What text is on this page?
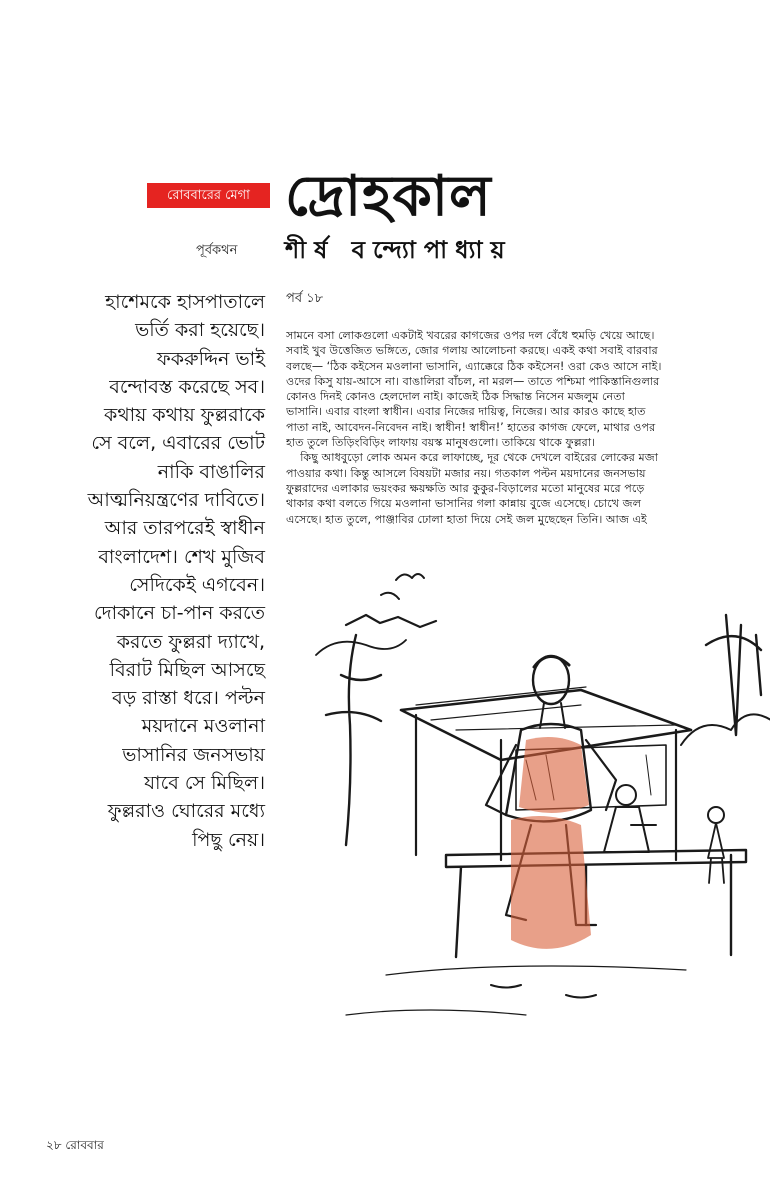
রোববারের মেগা দ্রোহকাল
পূর্বকথন শীর্ষ বন্দ্যোপাধ্যায়
হাশেমকে হাসপাতালে
ভর্তি করা হয়েছে।
ফকরুদ্দিন ভাই
বন্দোবস্ত করেছে সব।
কথায় কথায় ফুল্লরাকে
সে বলে, এবারের ভোট
নাকি বাঙালির
আত্মনিয়ন্ত্রণের দাবিতে।
আর তারপরেই স্বাধীন
বাংলাদেশ। শেখ মুজিব
সেদিকেই এগবেন।
দোকানে চা-পান করতে
করতে ফুল্লরা দ্যাখে,
বিরাট মিছিল আসছে
বড় রাস্তা ধরে। পল্টন
ময়দানে মওলানা
ভাসানির জনসভায়
যাবে সে মিছিল।
ফুল্লরাও ঘোরের মধ্যে
পিছু নেয়।
পর্ব ১৮
সামনে বসা লোকগুলো একটাই খবরের কাগজের ওপর দল বেঁধে হুমড়ি খেয়ে আছে।
সবাই খুব উত্তেজিত ভঙ্গিতে, জোর গলায় আলোচনা করছে। একই কথা সবাই বারবার
বলছে— ‘ঠিক কইসেন মওলানা ভাসানি, এ্যাক্কেরে ঠিক কইসেন! ওরা কেও আসে নাই।
ওদের কিসু যায়-আসে না। বাঙালিরা বাঁচল, না মরল— তাতে পশ্চিমা পাকিস্তানিগুলার
কোনও দিনই কোনও হেলদোল নাই। কাজেই ঠিক সিদ্ধান্ত নিসেন মজলুম নেতা
ভাসানি। এবার বাংলা স্বাধীন। এবার নিজের দায়িত্ব, নিজের। আর কারও কাছে হাত
পাতা নাই, আবেদন-নিবেদন নাই। স্বাধীন! স্বাধীন!’ হাতের কাগজ ফেলে, মাথার ওপর
হাত তুলে তিড়িংবিড়িং লাফায় বয়স্ক মানুষগুলো। তাকিয়ে থাকে ফুল্লরা।
কিছু আধবুড়ো লোক অমন করে লাফাচ্ছে, দূর থেকে দেখলে বাইরের লোকের মজা
পাওয়ার কথা। কিন্তু আসলে বিষয়টা মজার নয়। গতকাল পল্টন ময়দানের জনসভায়
ফুল্লরাদের এলাকার ভয়ংকর ক্ষয়ক্ষতি আর কুকুর-বিড়ালের মতো মানুষের মরে পড়ে
থাকার কথা বলতে গিয়ে মওলানা ভাসানির গলা কান্নায় বুজে এসেছে। চোখে জল
এসেছে। হাত তুলে, পাঞ্জাবির ঢোলা হাতা দিয়ে সেই জল মুছেছেন তিনি। আজ এই
২৮ রোববার
